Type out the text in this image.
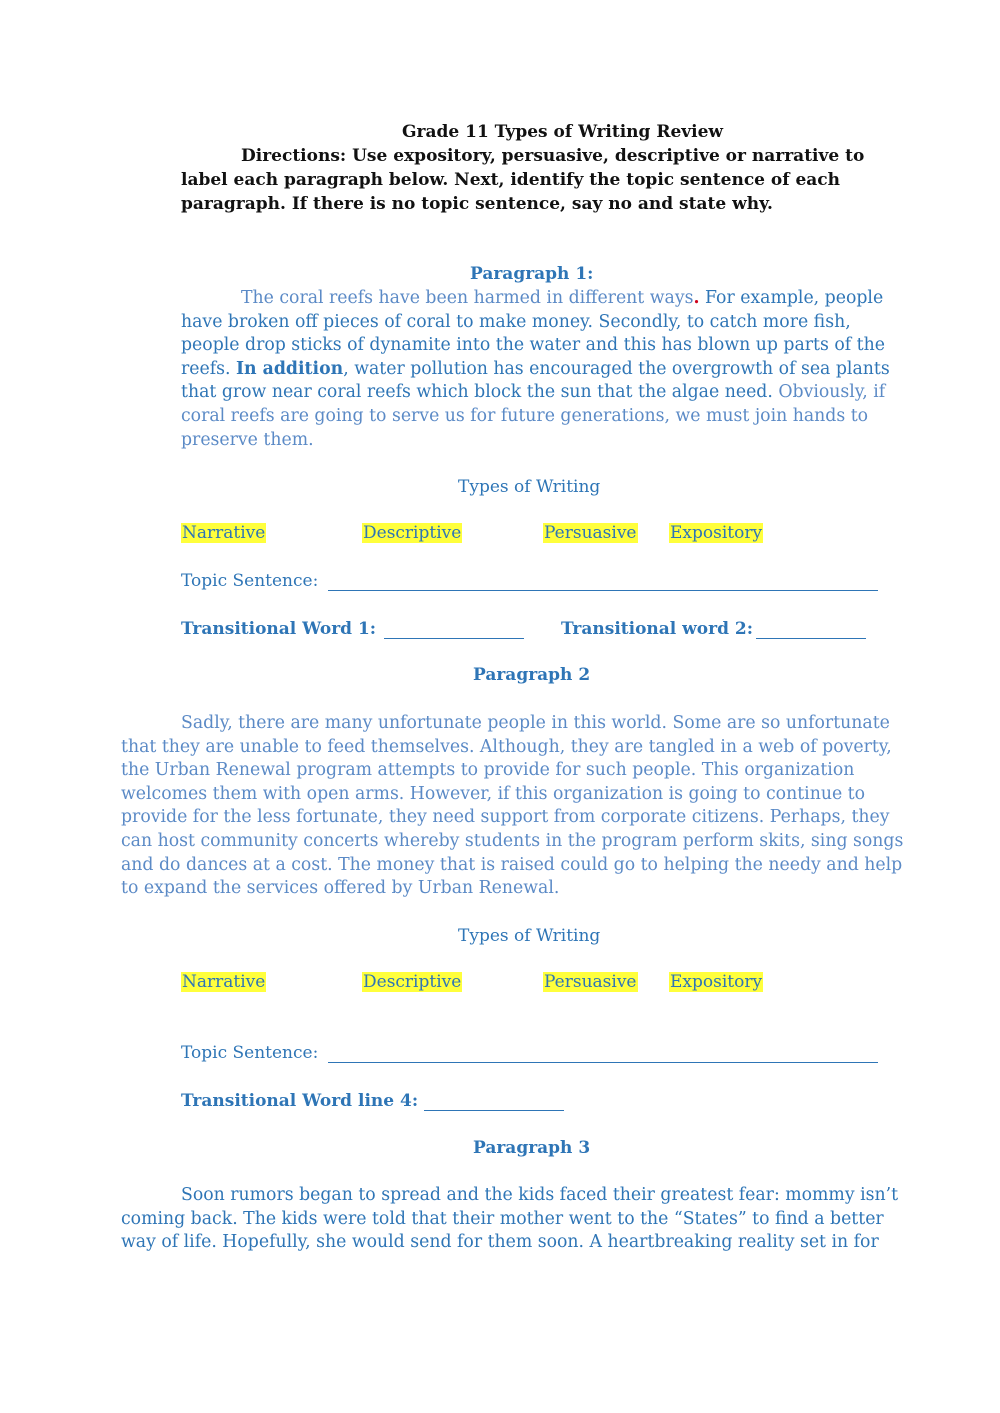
Grade 11 Types of Writing Review
Directions: Use expository, persuasive, descriptive or narrative to
label each paragraph below. Next, identify the topic sentence of each
paragraph. If there is no topic sentence, say no and state why.
Paragraph 1:
The coral reefs have been harmed in different ways. For example, people
have broken off pieces of coral to make money. Secondly, to catch more fish,
people drop sticks of dynamite into the water and this has blown up parts of the
reefs. In addition, water pollution has encouraged the overgrowth of sea plants
that grow near coral reefs which block the sun that the algae need. Obviously, if
coral reefs are going to serve us for future generations, we must join hands to
preserve them.
Types of Writing
Narrative	Descriptive	Persuasive Expository
Topic Sentence:
Transitional Word 1:	Transitional word 2:
Paragraph 2
Sadly, there are many unfortunate people in this world. Some are so unfortunate
that they are unable to feed themselves. Although, they are tangled in a web of poverty,
the Urban Renewal program attempts to provide for such people. This organization
welcomes them with open arms. However, if this organization is going to continue to
provide for the less fortunate, they need support from corporate citizens. Perhaps, they
can host community concerts whereby students in the program perform skits, sing songs
and do dances at a cost. The money that is raised could go to helping the needy and help
to expand the services offered by Urban Renewal.
Types of Writing
Narrative	Descriptive	Persuasive Expository
Topic Sentence:
Transitional Word line 4:
Paragraph 3
Soon rumors began to spread and the kids faced their greatest fear: mommy isn’t
coming back. The kids were told that their mother went to the “States” to find a better
way of life. Hopefully, she would send for them soon. A heartbreaking reality set in for
